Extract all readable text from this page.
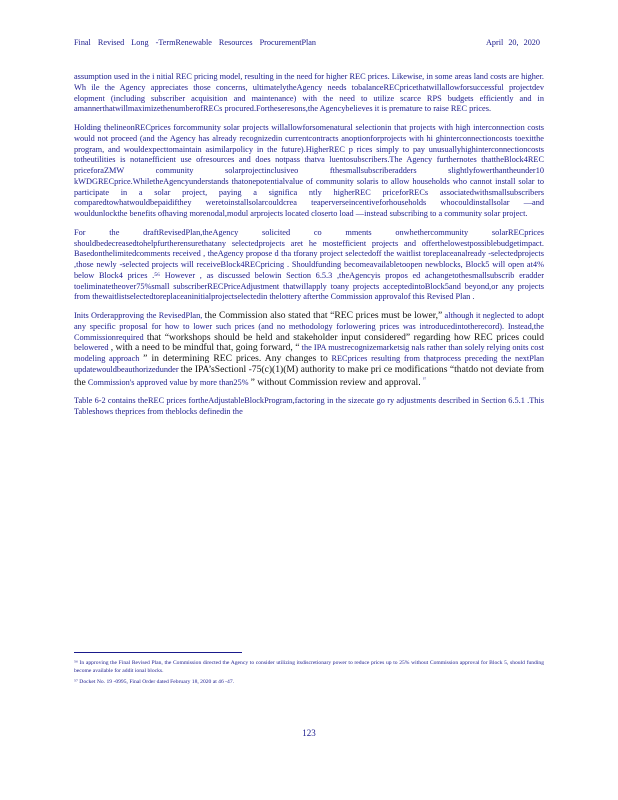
Final Revised Long -TermRenewable Resources ProcurementPlan	April 20, 2020

assumption used in the i nitial REC pricing model, resulting in the need for higher REC prices. Likewise, in some areas land costs are higher. Wh ile the Agency appreciates those concerns, ultimatelytheAgency needs tobalanceRECpricethatwillallowforsuccessful projectdev elopment (including subscriber acquisition and maintenance) with the need to utilize scarce RPS budgets efficiently and in amannerthatwillmaximizethenumberofRECs procured.Fortheseresons,the Agencybelieves it is premature to raise REC prices.

Holding thelineonRECprices forcommunity solar projects willallowforsomenatural selectionin that projects with high interconnection costs would not proceed (and the Agency has already recognizedin currentcontracts anoptionforprojects with hi ghinterconnectioncosts toexitthe program, and wouldexpecttomaintain asimilarpolicy in the future).HigherREC p rices simply to pay unusuallyhighinterconnectioncosts totheutilities is notanefficient use ofresources and does notpass thatva luentosubscribers.The Agency furthernotes thattheBlock4REC priceforaZMW community solarprojectinclusiveo fthesmallsubscriberadders slightlyfowerthantheunder10 kWDGRECprice.WhiletheAgencyunderstands thatonepotentialvalue of community solaris to allow households who cannot install solar to participate in a solar project, paying a significa ntly higherREC priceforRECs associatedwithsmallsubscribers comparedtowhatwouldbepaidifthey weretoinstallsolarcouldcrea teaperverseincentiveforhouseholds whocouldinstallsolar —and wouldunlockthe benefits ofhaving morenodal,modul arprojects located closerto load —instead subscribing to a community solar project.

For the draftRevisedPlan,theAgency solicited co mments onwhethercommunity solarRECprices shouldbedecreasedtohelpfurtherensurethatany selectedprojects aret he mostefficient projects and offerthelowestpossiblebudgetimpact. Basedonthelimitedcomments received , theAgency propose d tha tforany project selectedoff the waitlist toreplaceanalready -selectedprojects ,those newly -selected projects will receiveBlock4RECpricing . Shouldfunding becomeavailabletoopen newblocks, Block5 will open at4% below Block4 prices .⁵⁶ However , as discussed belowin Section 6.5.3 ,theAgencyis propos ed achangetothesmallsubscrib eradder toeliminatetheover75%small subscriberRECPriceAdjustment thatwillapply toany projects acceptedintoBlock5and beyond,or any projects from thewaitlistselectedtoreplaceaninitialprojectselectedin thelottery afterthe Commission approvalof this Revised Plan .

Inits Orderapproving the RevisedPlan, the Commission also stated that “REC prices must be lower,” although it neglected to adopt any specific proposal for how to lower such prices (and no methodology forlowering prices was introducedintotherecord). Instead,the Commissionrequired that “workshops should be held and stakeholder input considered” regarding how REC prices could belowered , with a need to be mindful that, going forward, “ the IPA mustrecognizemarketsig nals rather than solely relying onits cost modeling approach ” in determining REC prices. Any changes to RECprices resulting from thatprocess preceding the nextPlan updatewouldbeauthorizedunder the IPA’sSectionl -75(c)(1)(M) authority to make pri ce modifications “thatdo not deviate from the Commission's approved value by more than25% ” without Commission review and approval. $^{^{57}}$

Table 6-2 contains theREC prices fortheAdjustableBlockProgram,factoring in the sizecate go ry adjustments described in Section 6.5.1 .This Tableshows theprices from theblocks definedin the

⁵⁶ In approving the Final Revised Plan, the Commission directed the Agency to consider utilizing itsdiscretionary power to reduce prices up to 25% without Commission approval for Block 5, should funding become available for addit ional blocks.

⁵⁷ Docket No. 19 -0995, Final Order dated February 18, 2020 at 46 -47.

123
